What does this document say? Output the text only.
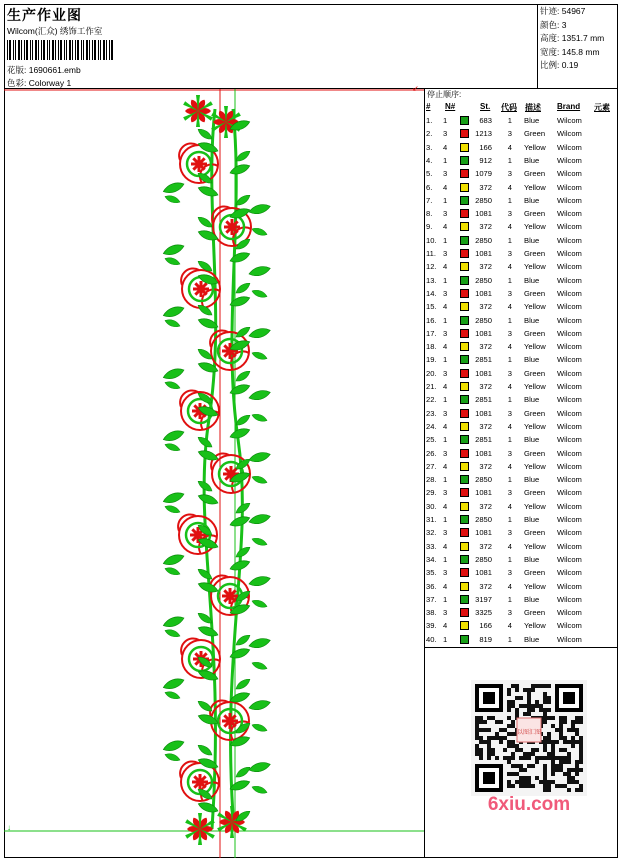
生产作业图
Wilcom(汇众) 绣饰工作室
花版: 1690661.emb
色彩: Colorway 1
针迹: 54967
颜色: 3
高度: 1351.7 mm
宽度: 145.8 mm
比例: 0.19
↙
↓
停止顺序:
# N#	St. 代码 描述 Brand 元素
1. 1	683 1 Blue Wilcom
2. 3	1213 3 Green Wilcom
3. 4	166 4 Yellow Wilcom
4. 1	912 1 Blue Wilcom
5. 3	1079 3 Green Wilcom
6. 4	372 4 Yellow Wilcom
7. 1	2850 1 Blue Wilcom
8. 3	1081 3 Green Wilcom
9. 4	372 4 Yellow Wilcom
10. 1	2850 1 Blue Wilcom
11. 3	1081 3 Green Wilcom
12. 4	372 4 Yellow Wilcom
13. 1	2850 1 Blue Wilcom
14. 3	1081 3 Green Wilcom
15. 4	372 4 Yellow Wilcom
16. 1	2850 1 Blue Wilcom
17. 3	1081 3 Green Wilcom
18. 4	372 4 Yellow Wilcom
19. 1	2851 1 Blue Wilcom
20. 3	1081 3 Green Wilcom
21. 4	372 4 Yellow Wilcom
22. 1	2851 1 Blue Wilcom
23. 3	1081 3 Green Wilcom
24. 4	372 4 Yellow Wilcom
25. 1	2851 1 Blue Wilcom
26. 3	1081 3 Green Wilcom
27. 4	372 4 Yellow Wilcom
28. 1	2850 1 Blue Wilcom
29. 3	1081 3 Green Wilcom
30. 4	372 4 Yellow Wilcom
31. 1	2850 1 Blue Wilcom
32. 3	1081 3 Green Wilcom
33. 4	372 4 Yellow Wilcom
34. 1	2850 1 Blue Wilcom
35. 3	1081 3 Green Wilcom
36. 4	372 4 Yellow Wilcom
37. 1	3197 1 Blue Wilcom
38. 3	3325 3 Green Wilcom
39. 4	166 4 Yellow Wilcom
40. 1	819 1 Blue Wilcom
以图汇图
6xiu.com
